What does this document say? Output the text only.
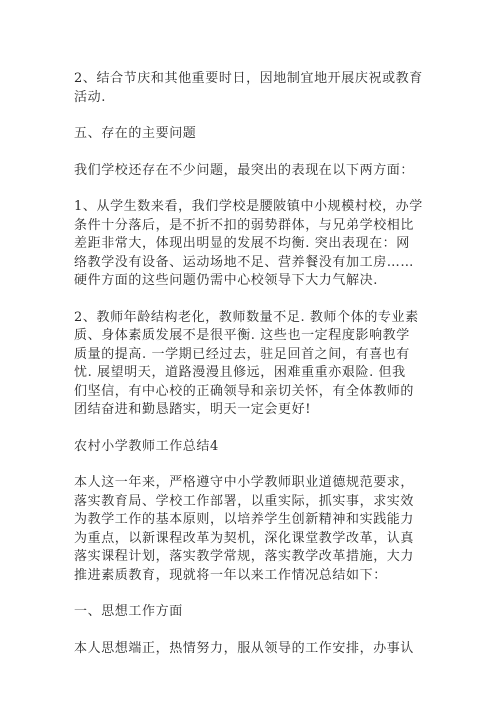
2、结合节庆和其他重要时日，因地制宜地开展庆祝或教育
活动.

五、存在的主要问题

我们学校还存在不少问题，最突出的表现在以下两方面：

1、从学生数来看，我们学校是腰陂镇中小规模村校，办学
条件十分落后，是不折不扣的弱势群体，与兄弟学校相比
差距非常大，体现出明显的发展不均衡. 突出表现在：网
络教学没有设备、运动场地不足、营养餐没有加工房……
硬件方面的这些问题仍需中心校领导下大力气解决.

2、教师年龄结构老化，教师数量不足. 教师个体的专业素
质、身体素质发展不是很平衡. 这些也一定程度影响教学
质量的提高. 一学期已经过去，驻足回首之间，有喜也有
忧. 展望明天，道路漫漫且修远，困难重重亦艰险. 但我
们坚信，有中心校的正确领导和亲切关怀，有全体教师的
团结奋进和勤恳踏实，明天一定会更好!

农村小学教师工作总结4

本人这一年来，严格遵守中小学教师职业道德规范要求，
落实教育局、学校工作部署，以重实际，抓实事，求实效
为教学工作的基本原则，以培养学生创新精神和实践能力
为重点，以新课程改革为契机，深化课堂教学改革，认真
落实课程计划，落实教学常规，落实教学改革措施，大力
推进素质教育，现就将一年以来工作情况总结如下：

一、思想工作方面

本人思想端正，热情努力，服从领导的工作安排，办事认
